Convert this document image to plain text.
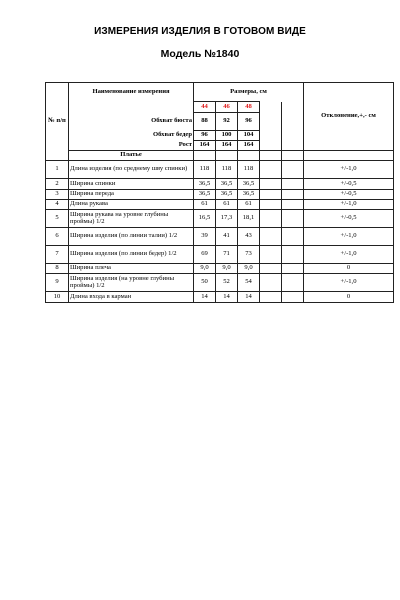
ИЗМЕРЕНИЯ ИЗДЕЛИЯ В ГОТОВОМ ВИДЕ
Модель №1840
№ п/п	Наименование измерения	Размеры, см					Отклонение,+,- см
		44	46	48			
	Обхват бюста	88	92	96			
	Обхват бедер	96	100	104			
	Рост	164	164	164			
	Платье						
1	Длина изделия (по среднему шву спинки)	118	118	118			+/-1,0
2	Ширина спинки	36,5	36,5	36,5			+/-0,5
3	Ширина переда	36,5	36,5	36,5			+/-0,5
4	Длина рукава	61	61	61			+/-1,0
5	Ширина рукава на уровне глубины проймы) 1/2	16,5	17,3	18,1			+/-0,5
6	Ширина изделия (по линии талии) 1/2	39	41	43			+/-1,0
7	Ширина изделия (по линии бедер) 1/2	69	71	73			+/-1,0
8	Ширина плеча	9,0	9,0	9,0			0
9	Ширина изделия (на уровне глубины проймы) 1/2	50	52	54			+/-1,0
10	Длина входа в карман	14	14	14			0
